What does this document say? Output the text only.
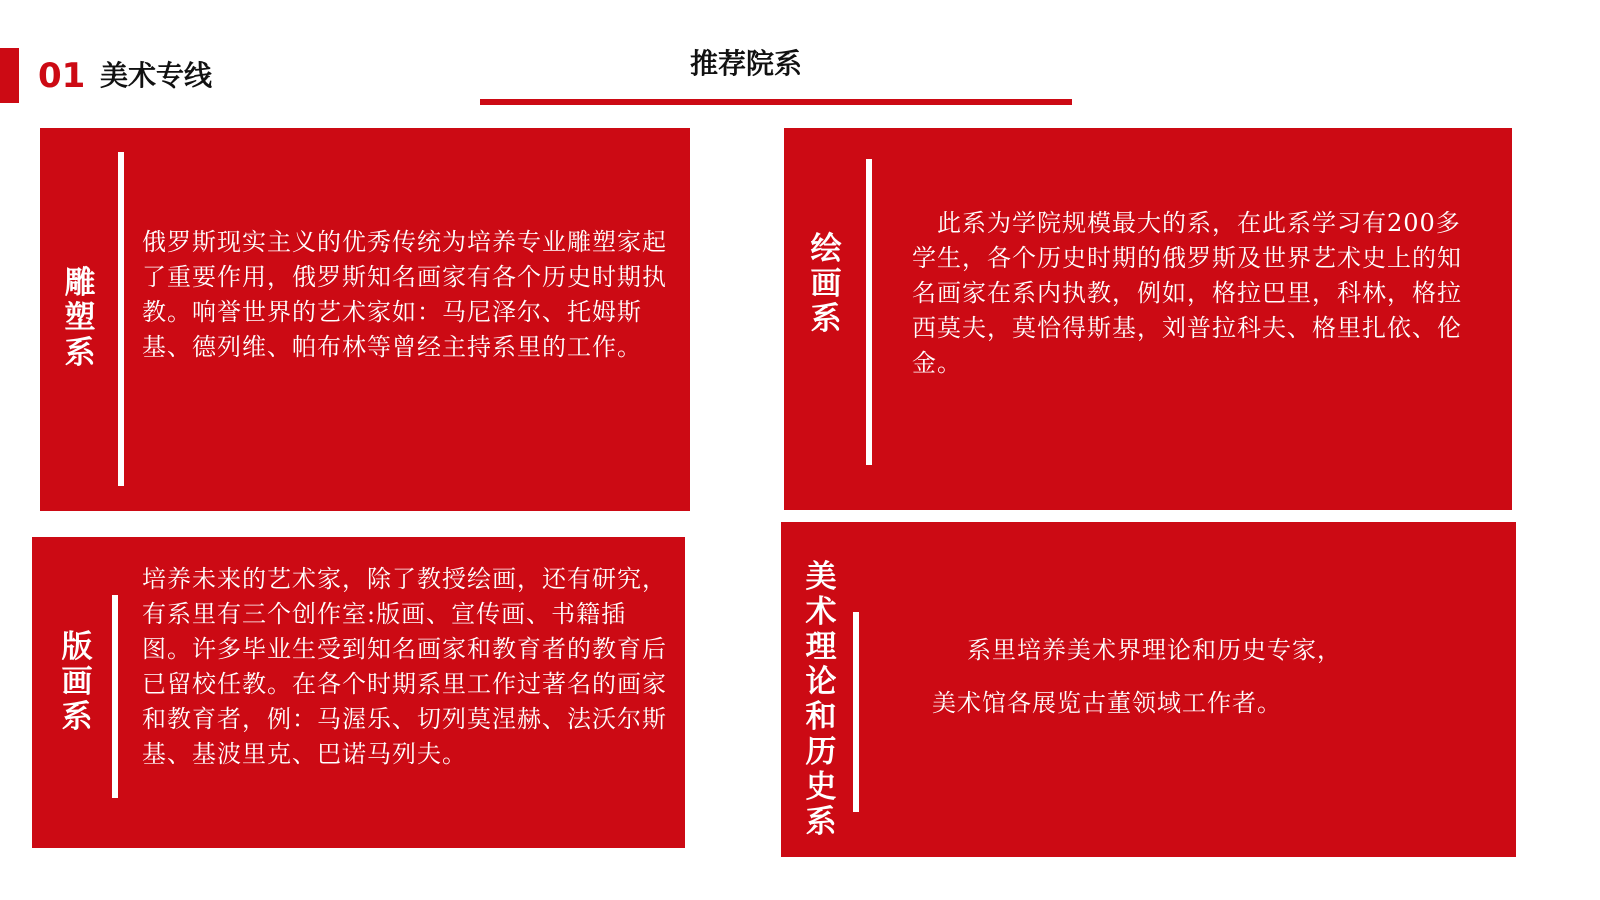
01 美术专线	推荐院系
雕塑系

俄罗斯现实主义的优秀传统为培养专业雕塑家起了重要作用，俄罗斯知名画家有各个历史时期执教。响誉世界的艺术家如：马尼泽尔、托姆斯基、德列维、帕布林等曾经主持系里的工作。

绘画系

　此系为学院规模最大的系，在此系学习有200多学生，各个历史时期的俄罗斯及世界艺术史上的知名画家在系内执教，例如，格拉巴里，科林，格拉西莫夫，莫恰得斯基，刘普拉科夫、格里扎依、伦金。

版画系

培养未来的艺术家，除了教授绘画，还有研究，有系里有三个创作室:版画、宣传画、书籍插图。许多毕业生受到知名画家和教育者的教育后已留校任教。在各个时期系里工作过著名的画家和教育者，例：马渥乐、切列莫涅赫、法沃尔斯基、基波里克、巴诺马列夫。

美术理论和历史系

系里培养美术界理论和历史专家，

美术馆各展览古董领域工作者。
